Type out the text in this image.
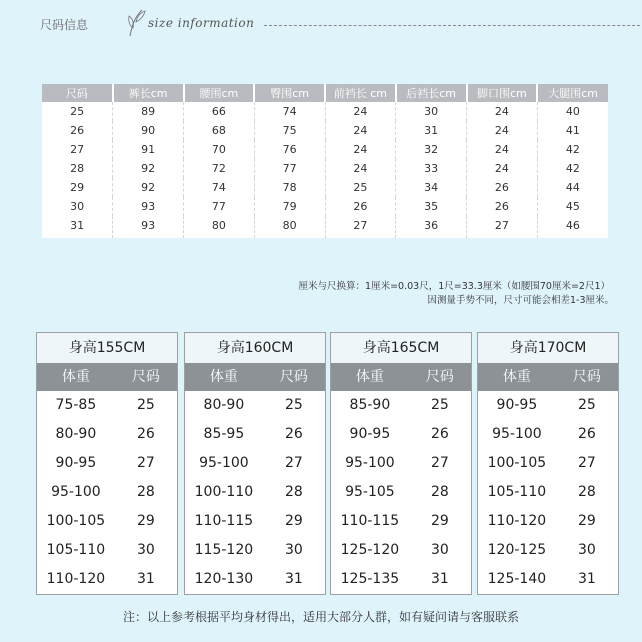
尺码信息	size information
尺码	裤长cm	腰围cm	臀围cm	前裆长 cm	后裆长cm	脚口围cm	大腿围cm
25	89	66	74	24	30	24	40
26	90	68	75	24	31	24	41
27	91	70	76	24	32	24	42
28	92	72	77	24	33	24	42
29	92	74	78	25	34	26	44
30	93	77	79	26	35	26	45
31	93	80	80	27	36	27	46
厘米与尺换算：1厘米=0.03尺，1尺=33.3厘米（如腰围70厘米=2尺1）
因测量手势不同，尺寸可能会相差1-3厘米。
身高155CM
体重	尺码
75-85	25
80-90	26
90-95	27
95-100	28
100-105	29
105-110	30
110-120	31
身高160CM
体重	尺码
80-90	25
85-95	26
95-100	27
100-110	28
110-115	29
115-120	30
120-130	31
身高165CM
体重	尺码
85-90	25
90-95	26
95-100	27
95-105	28
110-115	29
125-120	30
125-135	31
身高170CM
体重	尺码
90-95	25
95-100	26
100-105	27
105-110	28
110-120	29
120-125	30
125-140	31
注：以上参考根据平均身材得出，适用大部分人群，如有疑问请与客服联系
